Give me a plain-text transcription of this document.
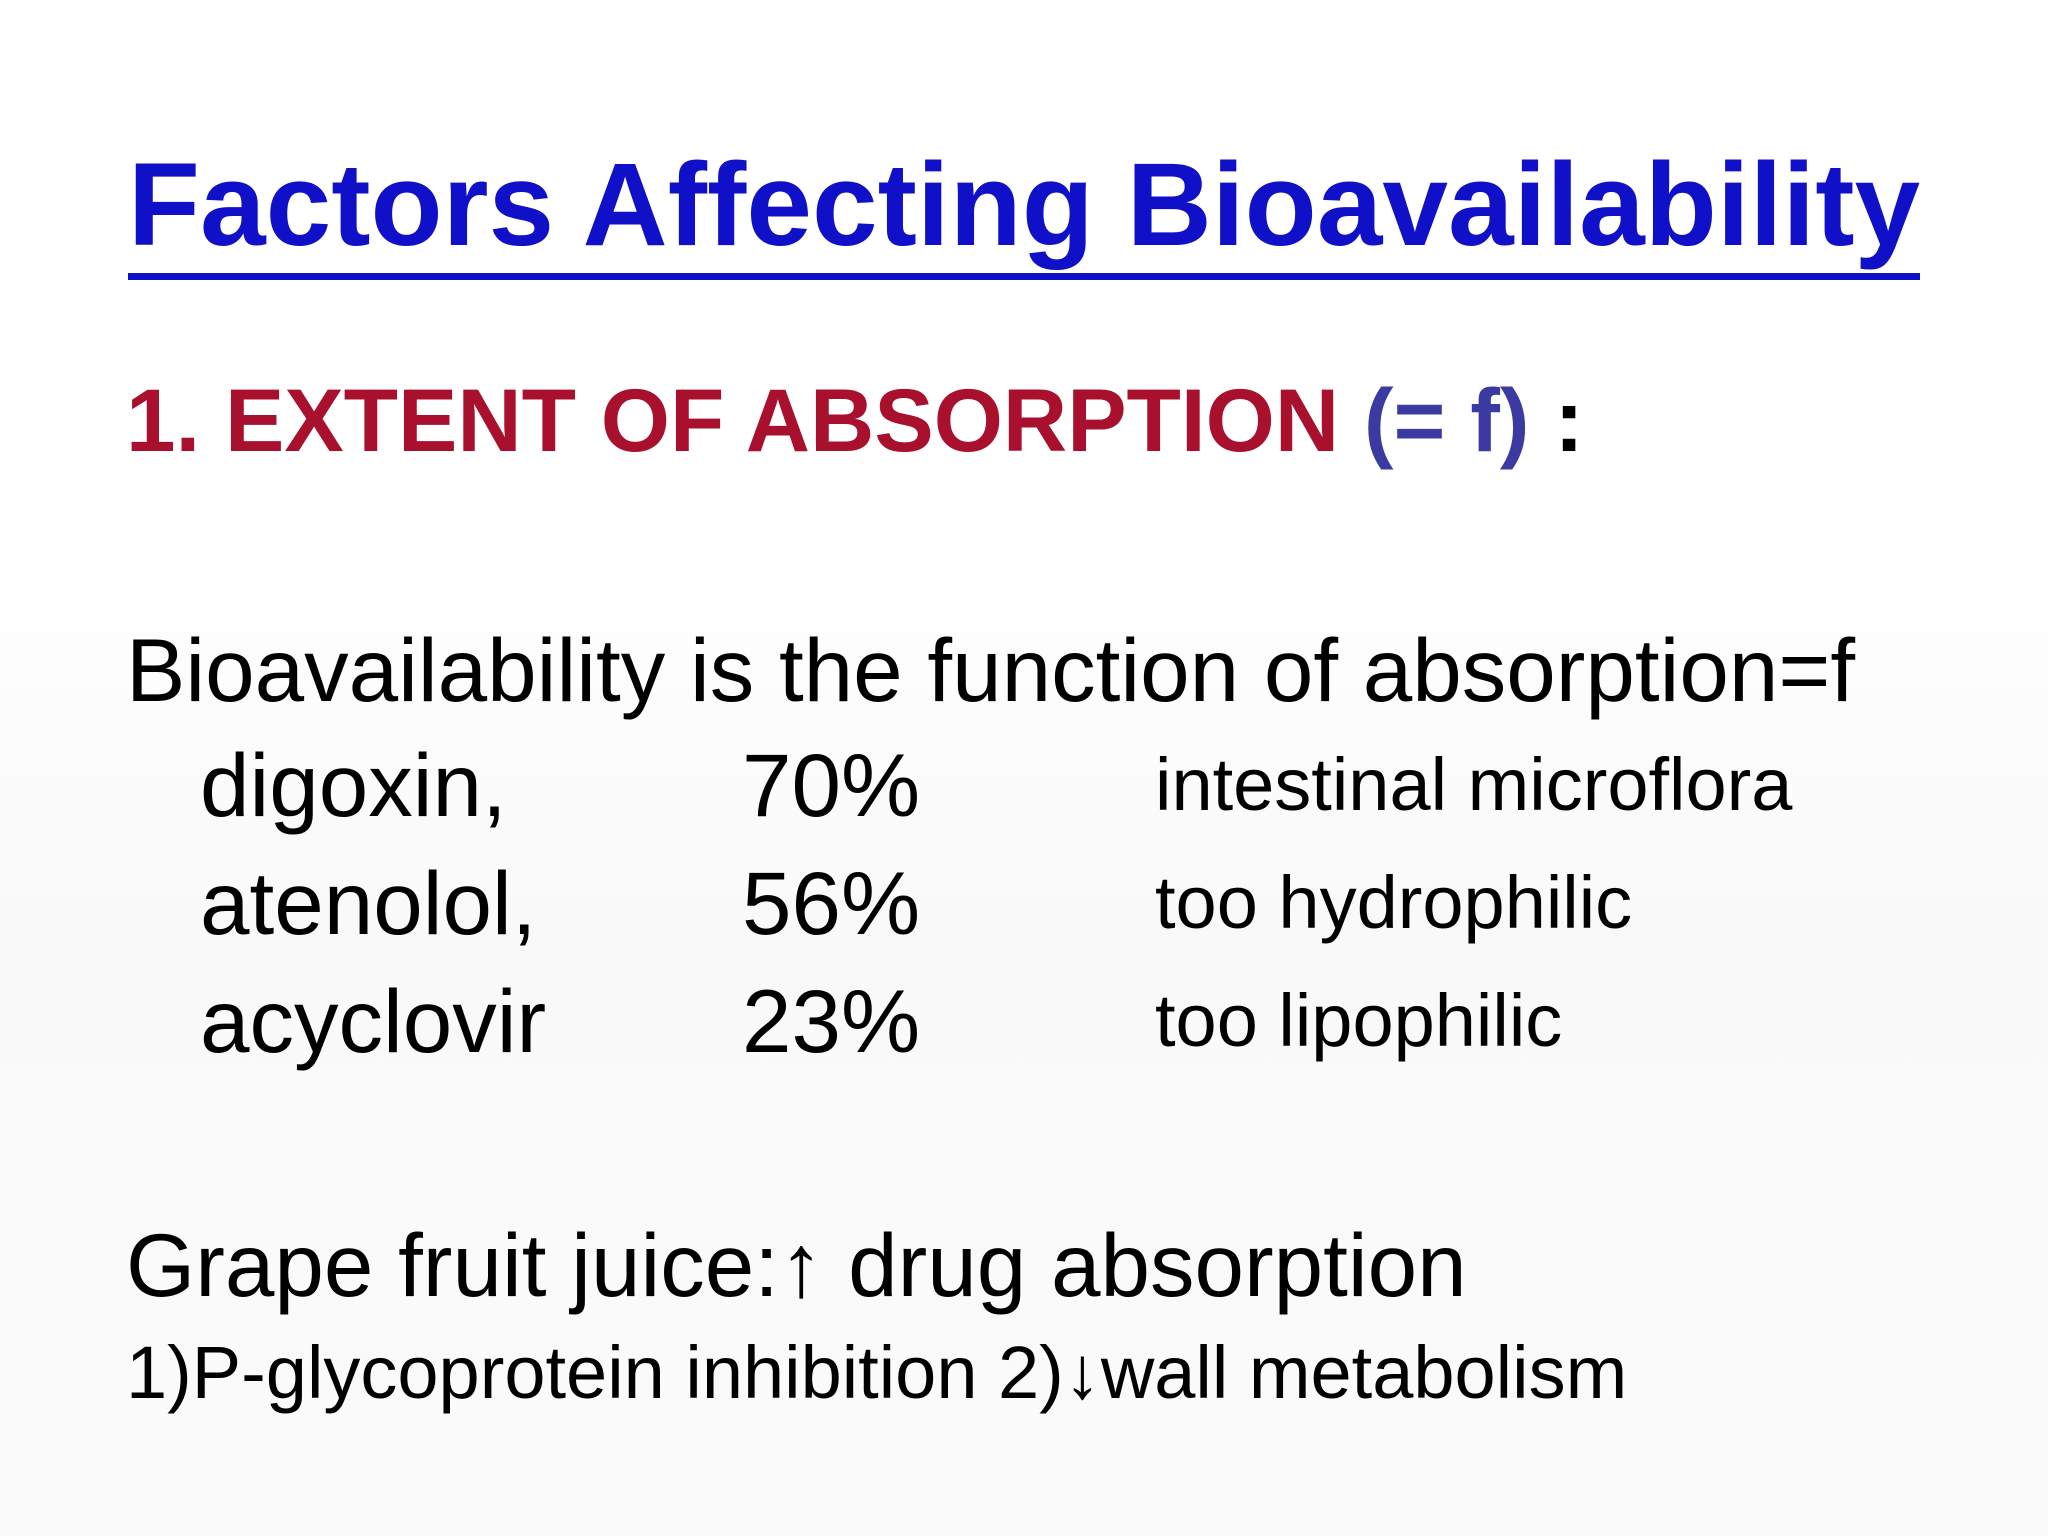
Factors Affecting Bioavailability
1. EXTENT OF ABSORPTION (= f) :
Bioavailability is the function of absorption=f
digoxin,	70%	intestinal microflora
atenolol, 56%	too hydrophilic
acyclovir 23%	too lipophilic
Grape fruit juice:↑ drug absorption
1)P-glycoprotein inhibition 2)↓wall metabolism
